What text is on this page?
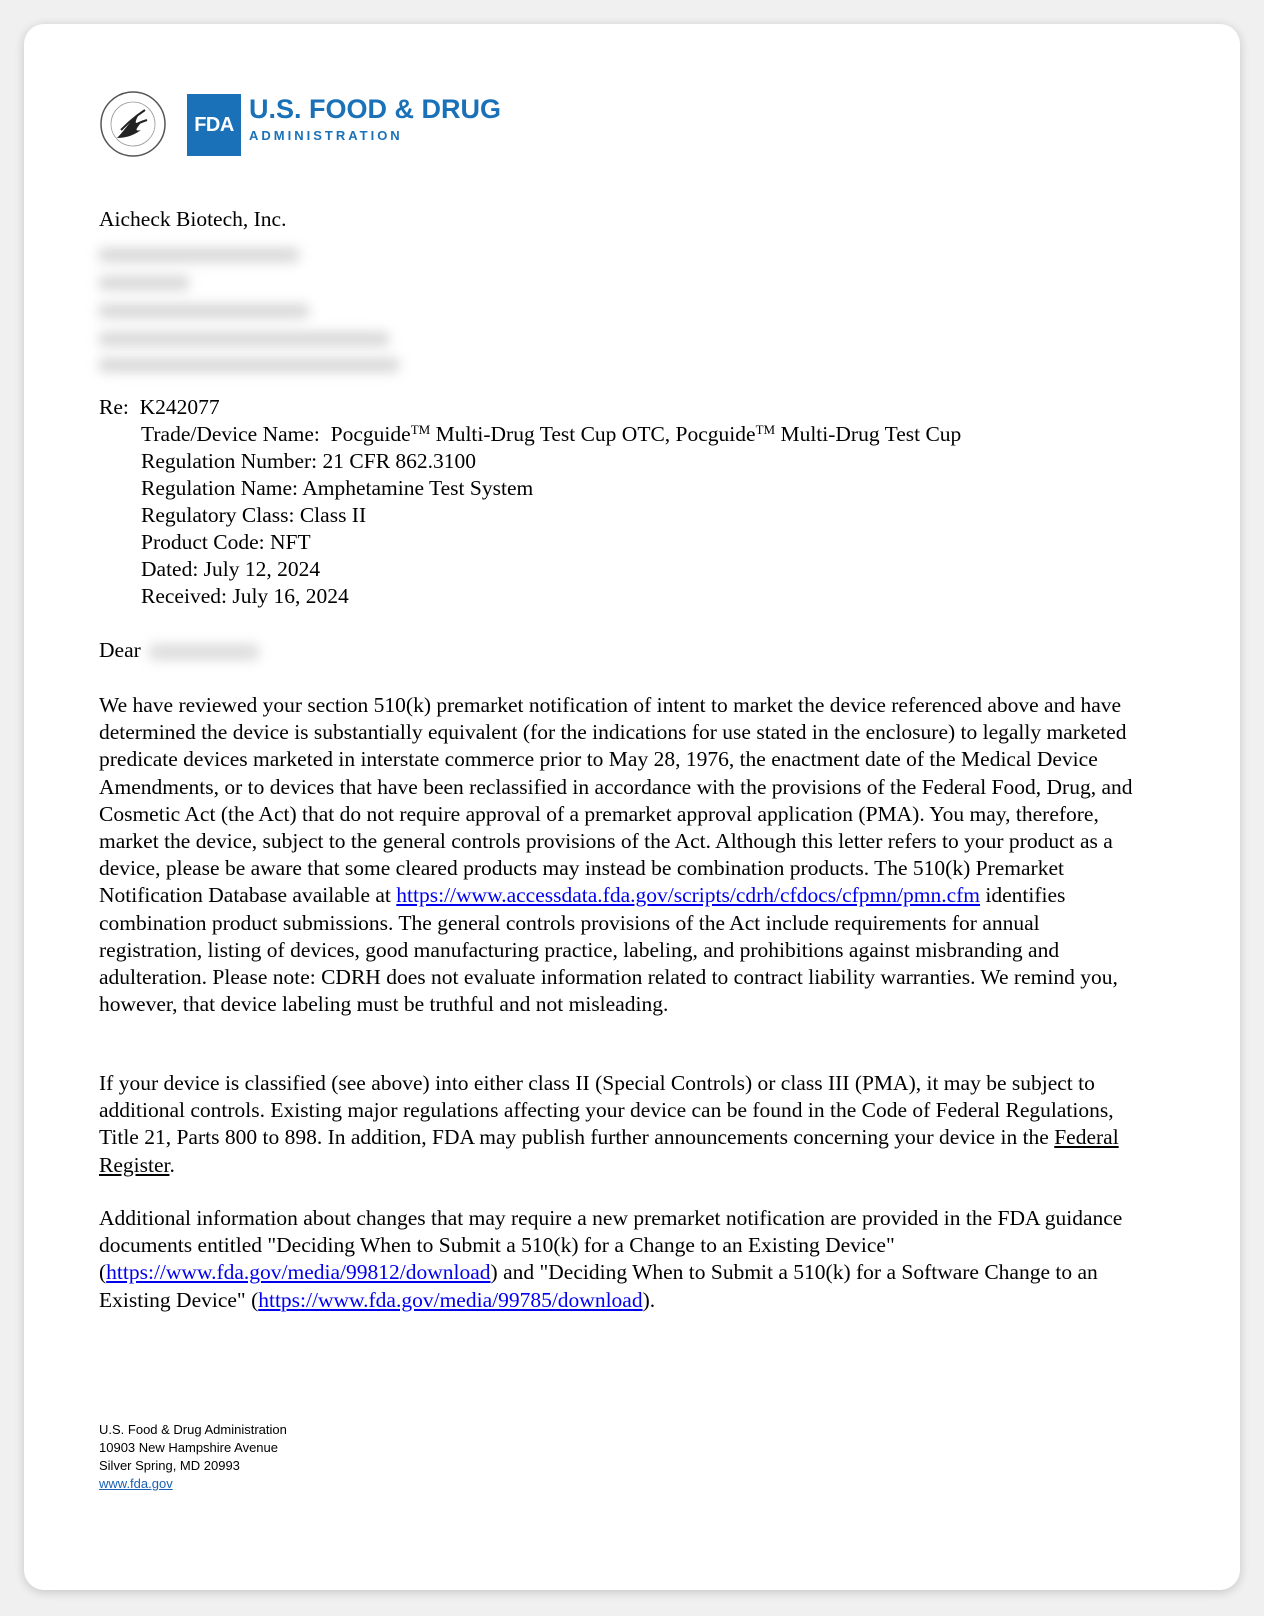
FDA
U.S. FOOD & DRUG
ADMINISTRATION
Aicheck Biotech, Inc.
Re: K242077
Trade/Device Name: Pocguide™ Multi-Drug Test Cup OTC, Pocguide™ Multi-Drug Test Cup
Regulation Number: 21 CFR 862.3100
Regulation Name: Amphetamine Test System
Regulatory Class: Class II
Product Code: NFT
Dated: July 12, 2024
Received: July 16, 2024
Dear

We have reviewed your section 510(k) premarket notification of intent to market the device referenced above and have determined the device is substantially equivalent (for the indications for use stated in the enclosure) to legally marketed predicate devices marketed in interstate commerce prior to May 28, 1976, the enactment date of the Medical Device Amendments, or to devices that have been reclassified in accordance with the provisions of the Federal Food, Drug, and Cosmetic Act (the Act) that do not require approval of a premarket approval application (PMA). You may, therefore, market the device, subject to the general controls provisions of the Act. Although this letter refers to your product as a device, please be aware that some cleared products may instead be combination products. The 510(k) Premarket Notification Database available at https://www.accessdata.fda.gov/scripts/cdrh/cfdocs/cfpmn/pmn.cfm identifies combination product submissions. The general controls provisions of the Act include requirements for annual registration, listing of devices, good manufacturing practice, labeling, and prohibitions against misbranding and adulteration. Please note: CDRH does not evaluate information related to contract liability warranties. We remind you, however, that device labeling must be truthful and not misleading.

If your device is classified (see above) into either class II (Special Controls) or class III (PMA), it may be subject to additional controls. Existing major regulations affecting your device can be found in the Code of Federal Regulations, Title 21, Parts 800 to 898. In addition, FDA may publish further announcements concerning your device in the Federal Register.

Additional information about changes that may require a new premarket notification are provided in the FDA guidance documents entitled "Deciding When to Submit a 510(k) for a Change to an Existing Device" (https://www.fda.gov/media/99812/download) and "Deciding When to Submit a 510(k) for a Software Change to an Existing Device" (https://www.fda.gov/media/99785/download).

U.S. Food & Drug Administration
10903 New Hampshire Avenue
Silver Spring, MD 20993
www.fda.gov
